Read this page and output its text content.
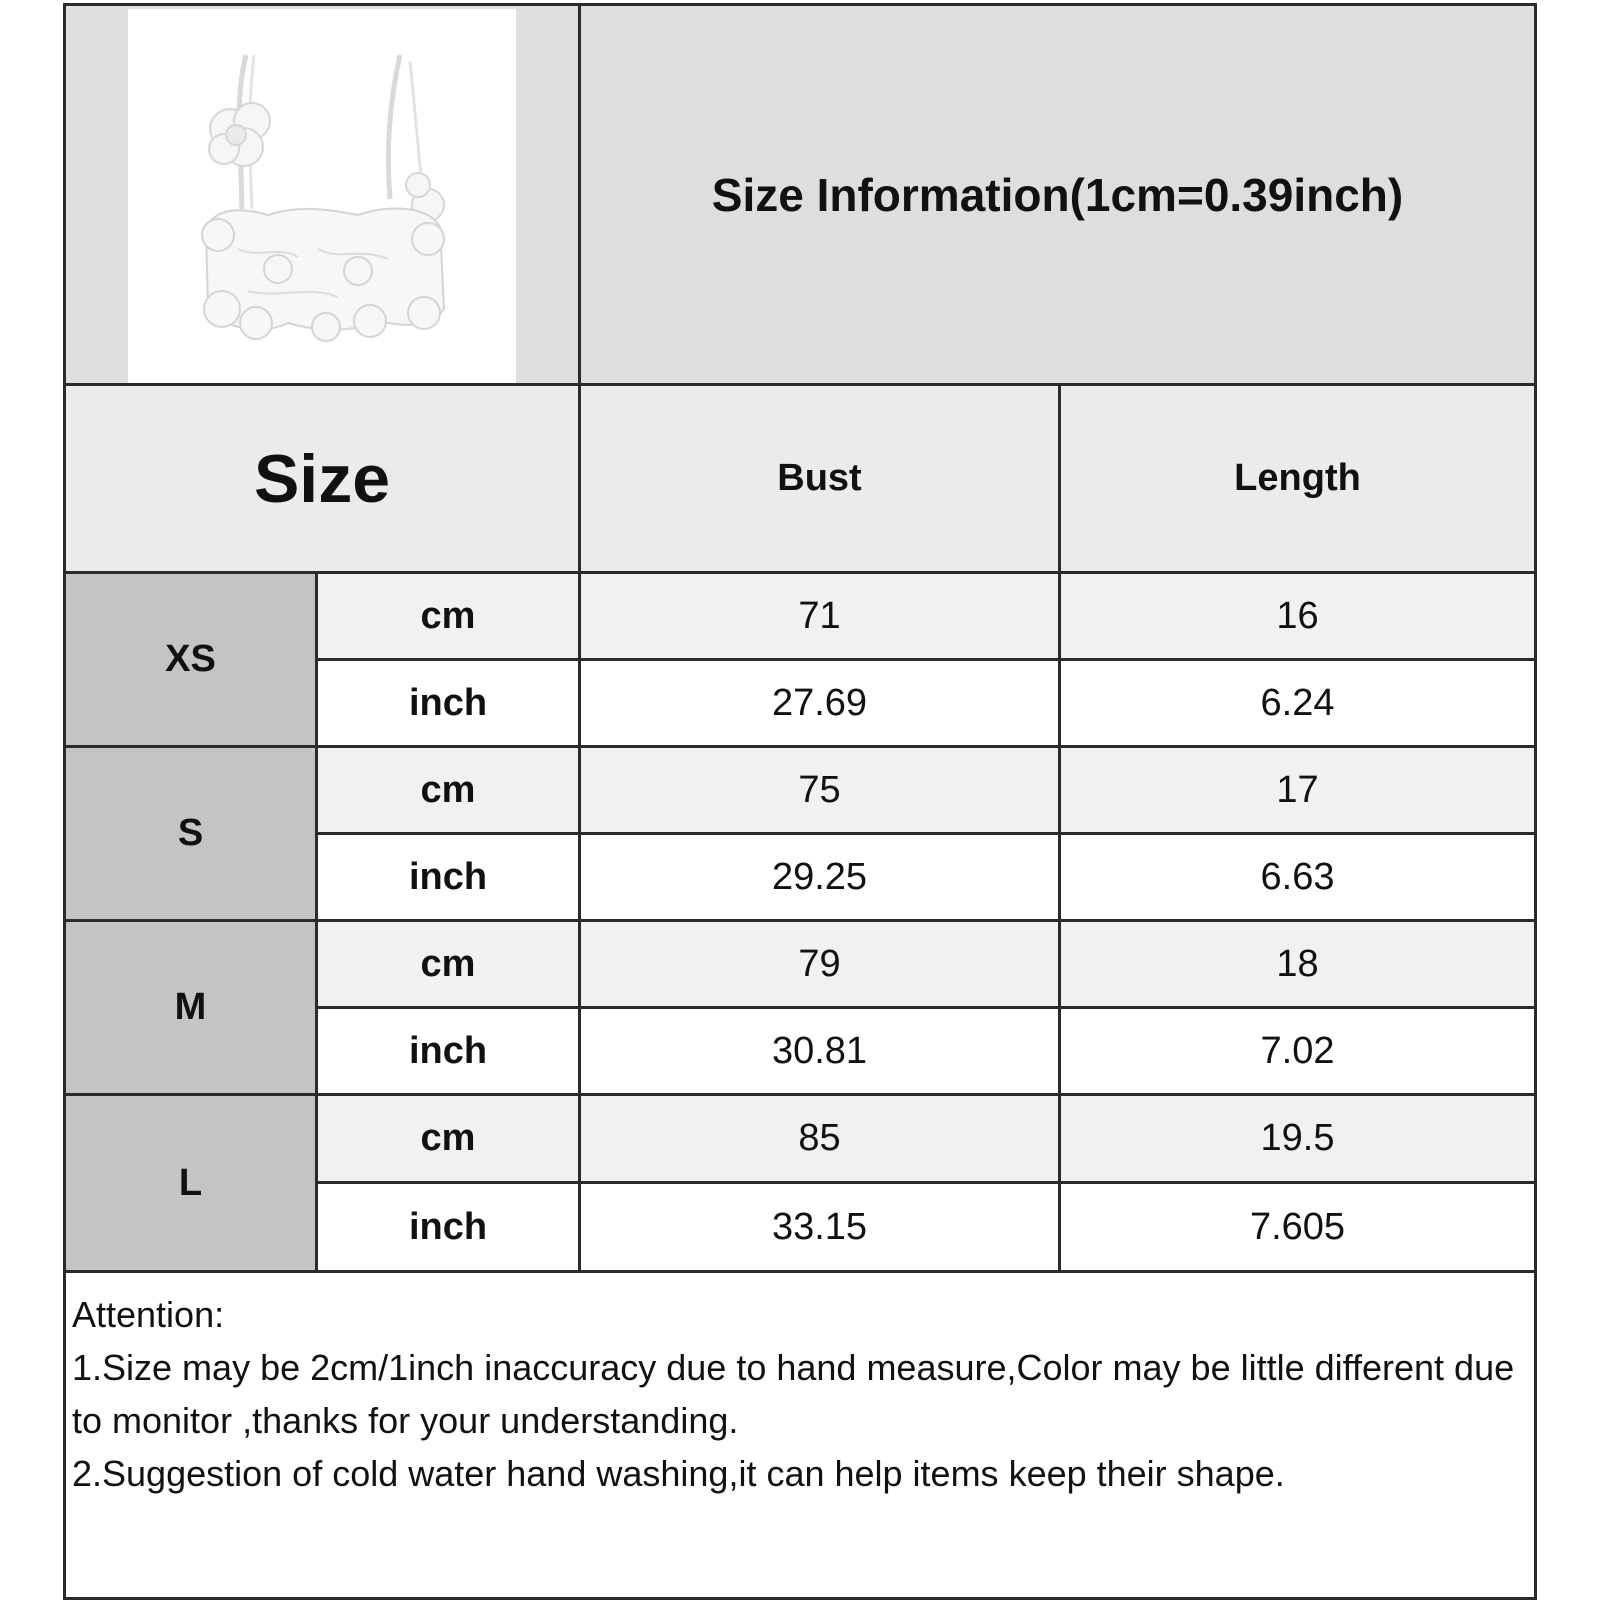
Size Information(1cm=0.39inch)
Size	Bust	Length
XS
cm	71	16
inch	27.69	6.24
S
cm	75	17
inch	29.25	6.63
M
cm	79	18
inch	30.81	7.02
L
cm	85	19.5
inch	33.15	7.605
Attention:
1.Size may be 2cm/1inch inaccuracy due to hand measure,Color may be little different due to monitor ,thanks for your understanding.
2.Suggestion of cold water hand washing,it can help items keep their shape.
